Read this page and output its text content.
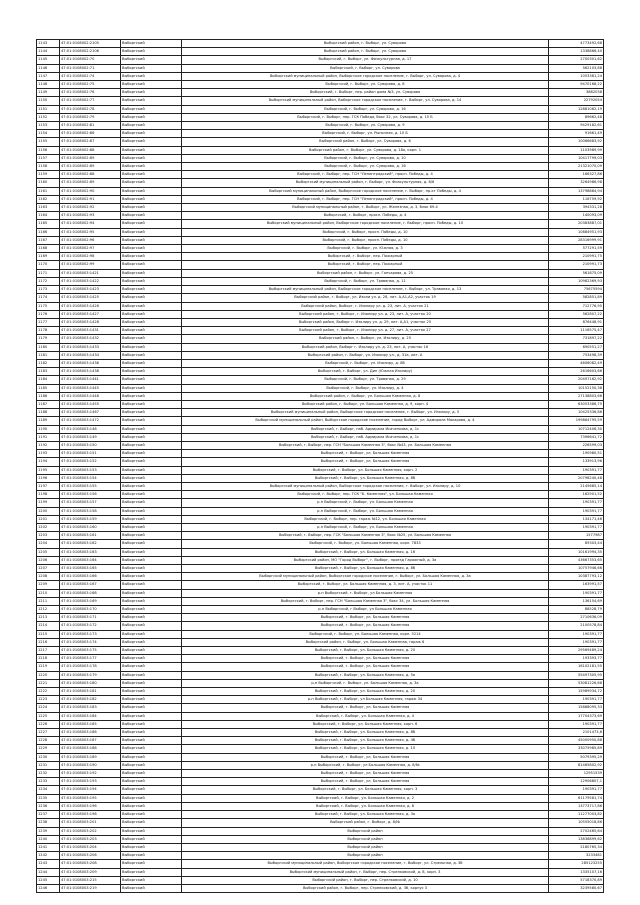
1143	47:01:0108002:2105	Выборгский	Выборгский район, г. Выборг, ул. Суворова	4773492,68
1144	47:01:0108002:2106	Выборгский	Выборгский район, г. Выборг, ул. Суворова	1338866,40
1145	47:01:0108002:70	Выборгский	Выборгский, г. Выборг, ул. Физкультурная, д. 17	2700301,62
1146	47:01:0108002:71	Выборгский	Выборгский, г. Выборг, ул. Суворова	562103,88
1147	47:01:0108002:74	Выборгский	Выборгский муниципальный район, Выборгское городское поселение, г. Выборг, ул. Суворова, д. 4	1053381,24
1148	47:01:0108002:75	Выборгский	Выборгский, г. Выборг, ул. Суворова, д. 8	9470168,22
1149	47:01:0108002:76	Выборгский	Выборгский, г. Выборг, пер. район дома №3, ул. Суворова	3882038
1150	47:01:0108002:77	Выборгский	Выборгский муниципальный район, Выборгское городское поселение, г. Выборг, ул. Суворова, д. 14	22792054
1151	47:01:0108002:78	Выборгский	Выборгский, г. Выборг, ул. Суворова, д. 16	12881062,19
1152	47:01:0108002:79	Выборгский	Выборгский, г. Выборг, пер. ГСК Победа, бокс 32, ул. Суворова, д. 15 Б	89662,48
1153	47:01:0108002:81	Выборгский	Выборгский, г. Выборг, ул. Суворова, д. 9	9429182,61
1154	47:01:0108002:86	Выборгский	Выборгский, г. Выборг, ул. Рыночная, д. 10 Б	91661,49
1155	47:01:0108002:87	Выборгский	Выборгский район, г. Выборг, ул. Суворова, д. 6	10066683,92
1156	47:01:0108002:88	Выборгский	Выборгский район, г. Выборг, ул. Суворова, д. 18а, корп. 1	1103989,99
1157	47:01:0108002:89	Выборгский	Выборгский, г. Выборг, ул. Суворова, д. 10	10417799,03
1158	47:01:0108002:89	Выборгский	Выборгский, г. Выборг, ул. Суворова, д. 1б	21321070,09
1159	47:01:0108002:88	Выборгский	Выборгский, г. Выборг, пер. ГСН "Ленинградский", просп. Победы, д. 4	166327,86
1160	47:01:0108002:89	Выборгский	Выборгский муниципальный район, г. Выборг, ул. Физкультурная, д. 8/6	3264986,98
1161	47:01:0108002:90	Выборгский	Выборгский муниципальный район, Выборгское городское поселение, г. Выборг, пр-кт Победы, д. 4	13798884,94
1162	47:01:0108002:91	Выборгский	Выборгский, г. Выборг, пер. ГСН "Ленинградский", просп. Победы, д. 4	116759,92
1163	47:01:0108002:92	Выборгский	Выборгский муниципальный район, г. Выборг, ул. Железная, д. 3, блок 69-4	394331,28
1164	47:01:0108002:93	Выборгский	Выборгский, г. Выборг, просп. Победы, д. 4	140093,09
1165	47:01:0108002:94	Выборгский	Выборгский муниципальный район, Выборгское городское поселение, г. Выборг, просп. Победы, д. 10	20383887,01
1166	47:01:0108002:95	Выборгский	Выборгский, г. Выборг, просп. Победы, д. 10	10884951,93
1167	47:01:0108002:96	Выборгский	Выборгский, г. Выборг, просп. Победы, д. 10	28316999,91
1168	47:01:0108002:97	Выборгский	Выборгский, г. Выборг, ул. Южная, д. 3	577291,59
1169	47:01:0108002:98	Выборгский	Выборгский, г. Выборг, пер. Пожарный	210991,75
1170	47:01:0108002:99	Выборгский	Выборгский, г. Выборг, пер. Пожарный	210991,73
1171	47:01:0108003:1421	Выборгский	Выборгский район, г. Выборг, ул. Гончарова, д. 25	561875,09
1172	47:01:0108003:1422	Выборгский	Выборгский, г. Выборг, ул. Травяная, д. 11	10982369,93
1173	47:01:0108003:1423	Выборгский	Выборгский муниципальный район, Выборгское городское поселение, г. Выборг, ул. Травяная, д. 13	75675594
1174	47:01:0108003:1425	Выборгский	Выборгский район, г. Выборг, ул. Изоли ул. д. 28, лит. А,А1,А2, участок 19	582851,89
1175	47:01:0108003:1426	Выборгский	Выборгский район, Выборг, г. Изолиру ул. д. 23, лит. А, участок 21	712776,95
1176	47:01:0108003:1427	Выборгский	Выборгский район, г. Выборг, г. Изолиру ул. д. 23, лит. А, участок 20	562807,22
1177	47:01:0108003:1428	Выборгский	Выборгский район, Выборг г. Изолиру ул. д. 29, лит. А,А1, участок 25	876448,91
1178	47:01:0108003:1431	Выборгский	Выборгский район, г. Выборг, г. Изолиру ул. д. 27, лит. А, участок 27	1116575,47
1179	47:01:0108003:1432	Выборгский	Выборгский район, г. Выборг, ул. Изолиру, д. 25	731897,22
1180	47:01:0108003:1433	Выборгский	Выборгский район, Выборг г. Изолиру ул. д. 23, лит. А, участок 16	690551,27
1181	47:01:0108003:1434	Выборгский	Выборгский район, г. Выборг, ул. Изолиру ул., д. 31а, лит. А	753498,39
1182	47:01:0108003:1436	Выборгский	Выборгский, г. Выборг, ул. Изолиру, д. 8б	4606082,49
1183	47:01:0108003:1438	Выборгский	Выборгский, г. Выборг, ул. Дин (Южная Изолиру)	2616603,66
1184	47:01:0108003:1441	Выборгский	Выборгский, г. Выборг, ул. Травяная, д. 29	20497162,92
1185	47:01:0108003:1445	Выборгский	Выборгский, г. Выборг, ул. Изолиру, д. 4	10152150,38
1186	47:01:0108003:1448	Выборгский	Выборгский район, г. Выборг, ул. Большая Каменная, д. 8	27138803,66
1187	47:01:0108003:1455	Выборгский	Выборгский район, г. Выборг, ул. Большая Каменная, д. 9, корп. 4	63053386,75
1188	47:01:0108003:1467	Выборгский	Выборгский муниципальный район, Выборгское городское поселение, г. Выборг, ул. Изолиру, д. 5	10425336,86
1189	47:01:0108003:1472	Выборгский	Выборгский муниципальный район, Выборгское городское поселение, город Выборг, ул. Адмирала Макарова, д. 4	199864795,59
1190	47:01:0108003:148	Выборгский	Выборгский, г. Выборг, наб. Адмирала Исаченкова, д. 1с	10712406,30
1191	47:01:0108003:149	Выборгский	Выборгский, г. Выборг, наб. Адмирала Исаченкова, д. 1с	7396641,72
1192	47:01:0108003:150	Выборгский	Выборгский, г. Выборг, пер. ГСН "Большая Каменная 3", бокс №43, ул. Большая Каменная	226599,03
1193	47:01:0108003:151	Выборгский	Выборгский, г. Выборг, ул. Большая Каменная	190980,51
1194	47:01:0108003:152	Выборгский	Выборгский, г. Выборг, ул. Большая Каменная	133913,96
1195	47:01:0108003:153	Выборгский	Выборгский, г. Выборг, ул. Большая Каменная, корп. 2	190391,77
1196	47:01:0108003:154	Выборгский	Выборгский, г. Выборг, ул. Большая Каменная, д. 8б	20798240,48
1197	47:01:0108003:155	Выборгский	Выборгский муниципальный район, Выборгское городское поселение, г. Выборг, ул. Изолиру, д. 10	2145685,14
1198	47:01:0108003:156	Выборгский	Выборгский, г. Выборг, пер. ГСК "Б. Каменная", ул. Большая Каменная	162901,52
1199	47:01:0108003:157	Выборгский	р-н Выборгский, г. Выборг, ул. Большая Каменная	190391,77
1200	47:01:0108003:158	Выборгский	р-н Выборгский, г. Выборг, ул. Большая Каменная	190391,77
1201	47:01:0108003:159	Выборгский	Выборгский, г. Выборг, пер. гараж №12, ул. Большая Каменная	134171,46
1202	47:01:0108003:160	Выборгский	р-н Выборгский, г. Выборг, ул. Большая Каменная	190391,77
1203	47:01:0108003:161	Выборгский	Выборгский, г. Выборг, пер. ГСК "Большая Каменная 3", бокс №25, ул. Большая Каменная	1577987
1204	47:01:0108003:162	Выборгский	Выборгский, г. Выборг, ул. Большая Каменная, корп. 7833	89303,44
1205	47:01:0108003:163	Выборгский	Выборгский, г. Выборг, ул. Большая Каменная, д. 16	10161994,35
1206	47:01:0108003:164	Выборгский	Выборгский район, МО "Город Выборг", г. Выборг, проезд Гаражный, д. 3а	43667353,65
1207	47:01:0108003:165	Выборгский	Выборгский, г. Выборг, ул. Большая Каменная, д. 8б	10757946,66
1208	47:01:0108003:166	Выборгский	Выборгский муниципальный район, Выборгское городское поселение, г. Выборг, ул. Большая Каменная, д. 3а	10387793,12
1209	47:01:0108003:167	Выборгский	Выборгский, г. Выборг, ул. Большая Каменная, д. 3, лит. А, участок 11	163991,57
1210	47:01:0108003:168	Выборгский	р-н Выборгский, г. Выборг, ул Большая Каменная	190391,77
1211	47:01:0108003:169	Выборгский	Выборгский, г. Выборг, пер. ГСН "Большая Каменная 3", бокс 34, ул. Большая Каменная	136154,69
1212	47:01:0108003:170	Выборгский	р-н Выборгский, г Выборг, ул Большая Каменная	88528,79
1213	47:01:0108003:171	Выборгский	Выборгский, г. Выборг, ул. Большая Каменная	2710636,09
1214	47:01:0108003:172	Выборгский	Выборгский, г. Выборг, ул. Большая Каменная	2100578,84
1215	47:01:0108003:173	Выборгский	Выборгский, г. Выборг, ул. Большая Каменная, корп. 5214	190391,77
1216	47:01:0108003:174	Выборгский	Выборгский район, г. Выборг, ул. Большая Каменная, гараж 6	190391,77
1217	47:01:0108003:175	Выборгский	Выборгский, г. Выборг, ул. Большая Каменная, д. 20	29569489,24
1218	47:01:0108003:177	Выборгский	Выборгский, г. Выборг, ул. Большая Каменная	193393,77
1219	47:01:0108003:178	Выборгский	Выборгский, г. Выборг, ул. Большая Каменная	16102181,55
1220	47:01:0108003:179	Выборгский	Выборгский, г. Выборг, ул. Большая Каменная, д. 5а	55497305,95
1221	47:01:0108003:180	Выборгский	р-н Выборгский, г. Выборг, ул. Большая Каменная, д. 3а	53081226,88
1222	47:01:0108003:181	Выборгский	Выборгский, г. Выборг, ул. Большая Каменная, д. 20	15989934,72
1223	47:01:0108003:182	Выборгский	р-н Выборгский, г. Выборг, ул Большая Каменная, гараж 34	190391,77
1224	47:01:0108003:183	Выборгский	Выборгский, г. Выборг, ул. Большая Каменная	15888095,33
1225	47:01:0108003:184	Выборгский	Выборгский, г. Выборг, ул. Большая Каменная, д. 4	17704373,69
1226	47:01:0108003:185	Выборгский	Выборгский, г. Выборг, ул. Большая Каменная, корп. 6	190391,77
1227	47:01:0108003:186	Выборгский	Выборгский, г. Выборг, ул. Большая Каменная, д. 8б	2101473,6
1228	47:01:0108003:187	Выборгский	Выборгский, г. Выборг, ул. Большая Каменная, д. 4б	45000950,88
1229	47:01:0108003:188	Выборгский	Выборгский, г. Выборг, ул. Большая Каменная, д. 10	33075985,89
1230	47:01:0108003:189	Выборгский	Выборгский, г. Выборг, ул. Большая Каменная	5079395,29
1231	47:01:0108003:190	Выборгский	р-н Выборгский, г. Выборг, ул Большая Каменная, д. 8/№	81465802,92
1232	47:01:0108003:192	Выборгский	Выборгский, г. Выборг, ул. Большая Каменная	12951539
1233	47:01:0108003:193	Выборгский	Выборгский, г. Выборг, ул. Большая Каменная	12906807,1
1234	47:01:0108003:194	Выборгский	Выборгский, г. Выборг, ул. Большая Каменная, корп. 3	190391,77
1235	47:01:0108003:195	Выборгский	Выборгский, г. Выборг, ул. Большая Каменная, д. 2	61179581,74
1236	47:01:0108003:196	Выборгский	Выборгский, г. Выборг, ул. Большая Каменная, д. 8	13773717,86
1237	47:01:0108003:198	Выборгский	Выборгский, г. Выборг, ул. Большая Каменная, д. 3а	11277003,82
1238	47:01:0108003:201	Выборгский	Выборгский район, г. Выборг, д. 8/№	10555018,86
1239	47:01:0108003:202	Выборгский	Выборгский район	2702465,64
1240	47:01:0108003:203	Выборгский	Выборгский район	13836899,62
1241	47:01:0108003:204	Выборгский	Выборгский район	2180765,34
1242	47:01:0108003:206	Выборгский	Выборгский район	3233481
1243	47:01:0108003:208	Выборгский	Выборгский муниципальный район, Выборгское городское поселение, г. Выборг, ул. Стрельная, д. 3б	285123255
1244	47:01:0108003:209	Выборгский	Выборгский муниципальный район, г. Выборг, пер. Стрелковский, д. 8, корп. 3	1335107,16
1245	47:01:0108003:215	Выборгский	Выборгский район, г. Выборг, пер. Стрелковский, д. 10	5718370,89
1246	47:01:0108003:219	Выборгский	Выборгский район, г. Выборг, пер. Стрелковский, д. 3б, корпус 3	3239580,67
